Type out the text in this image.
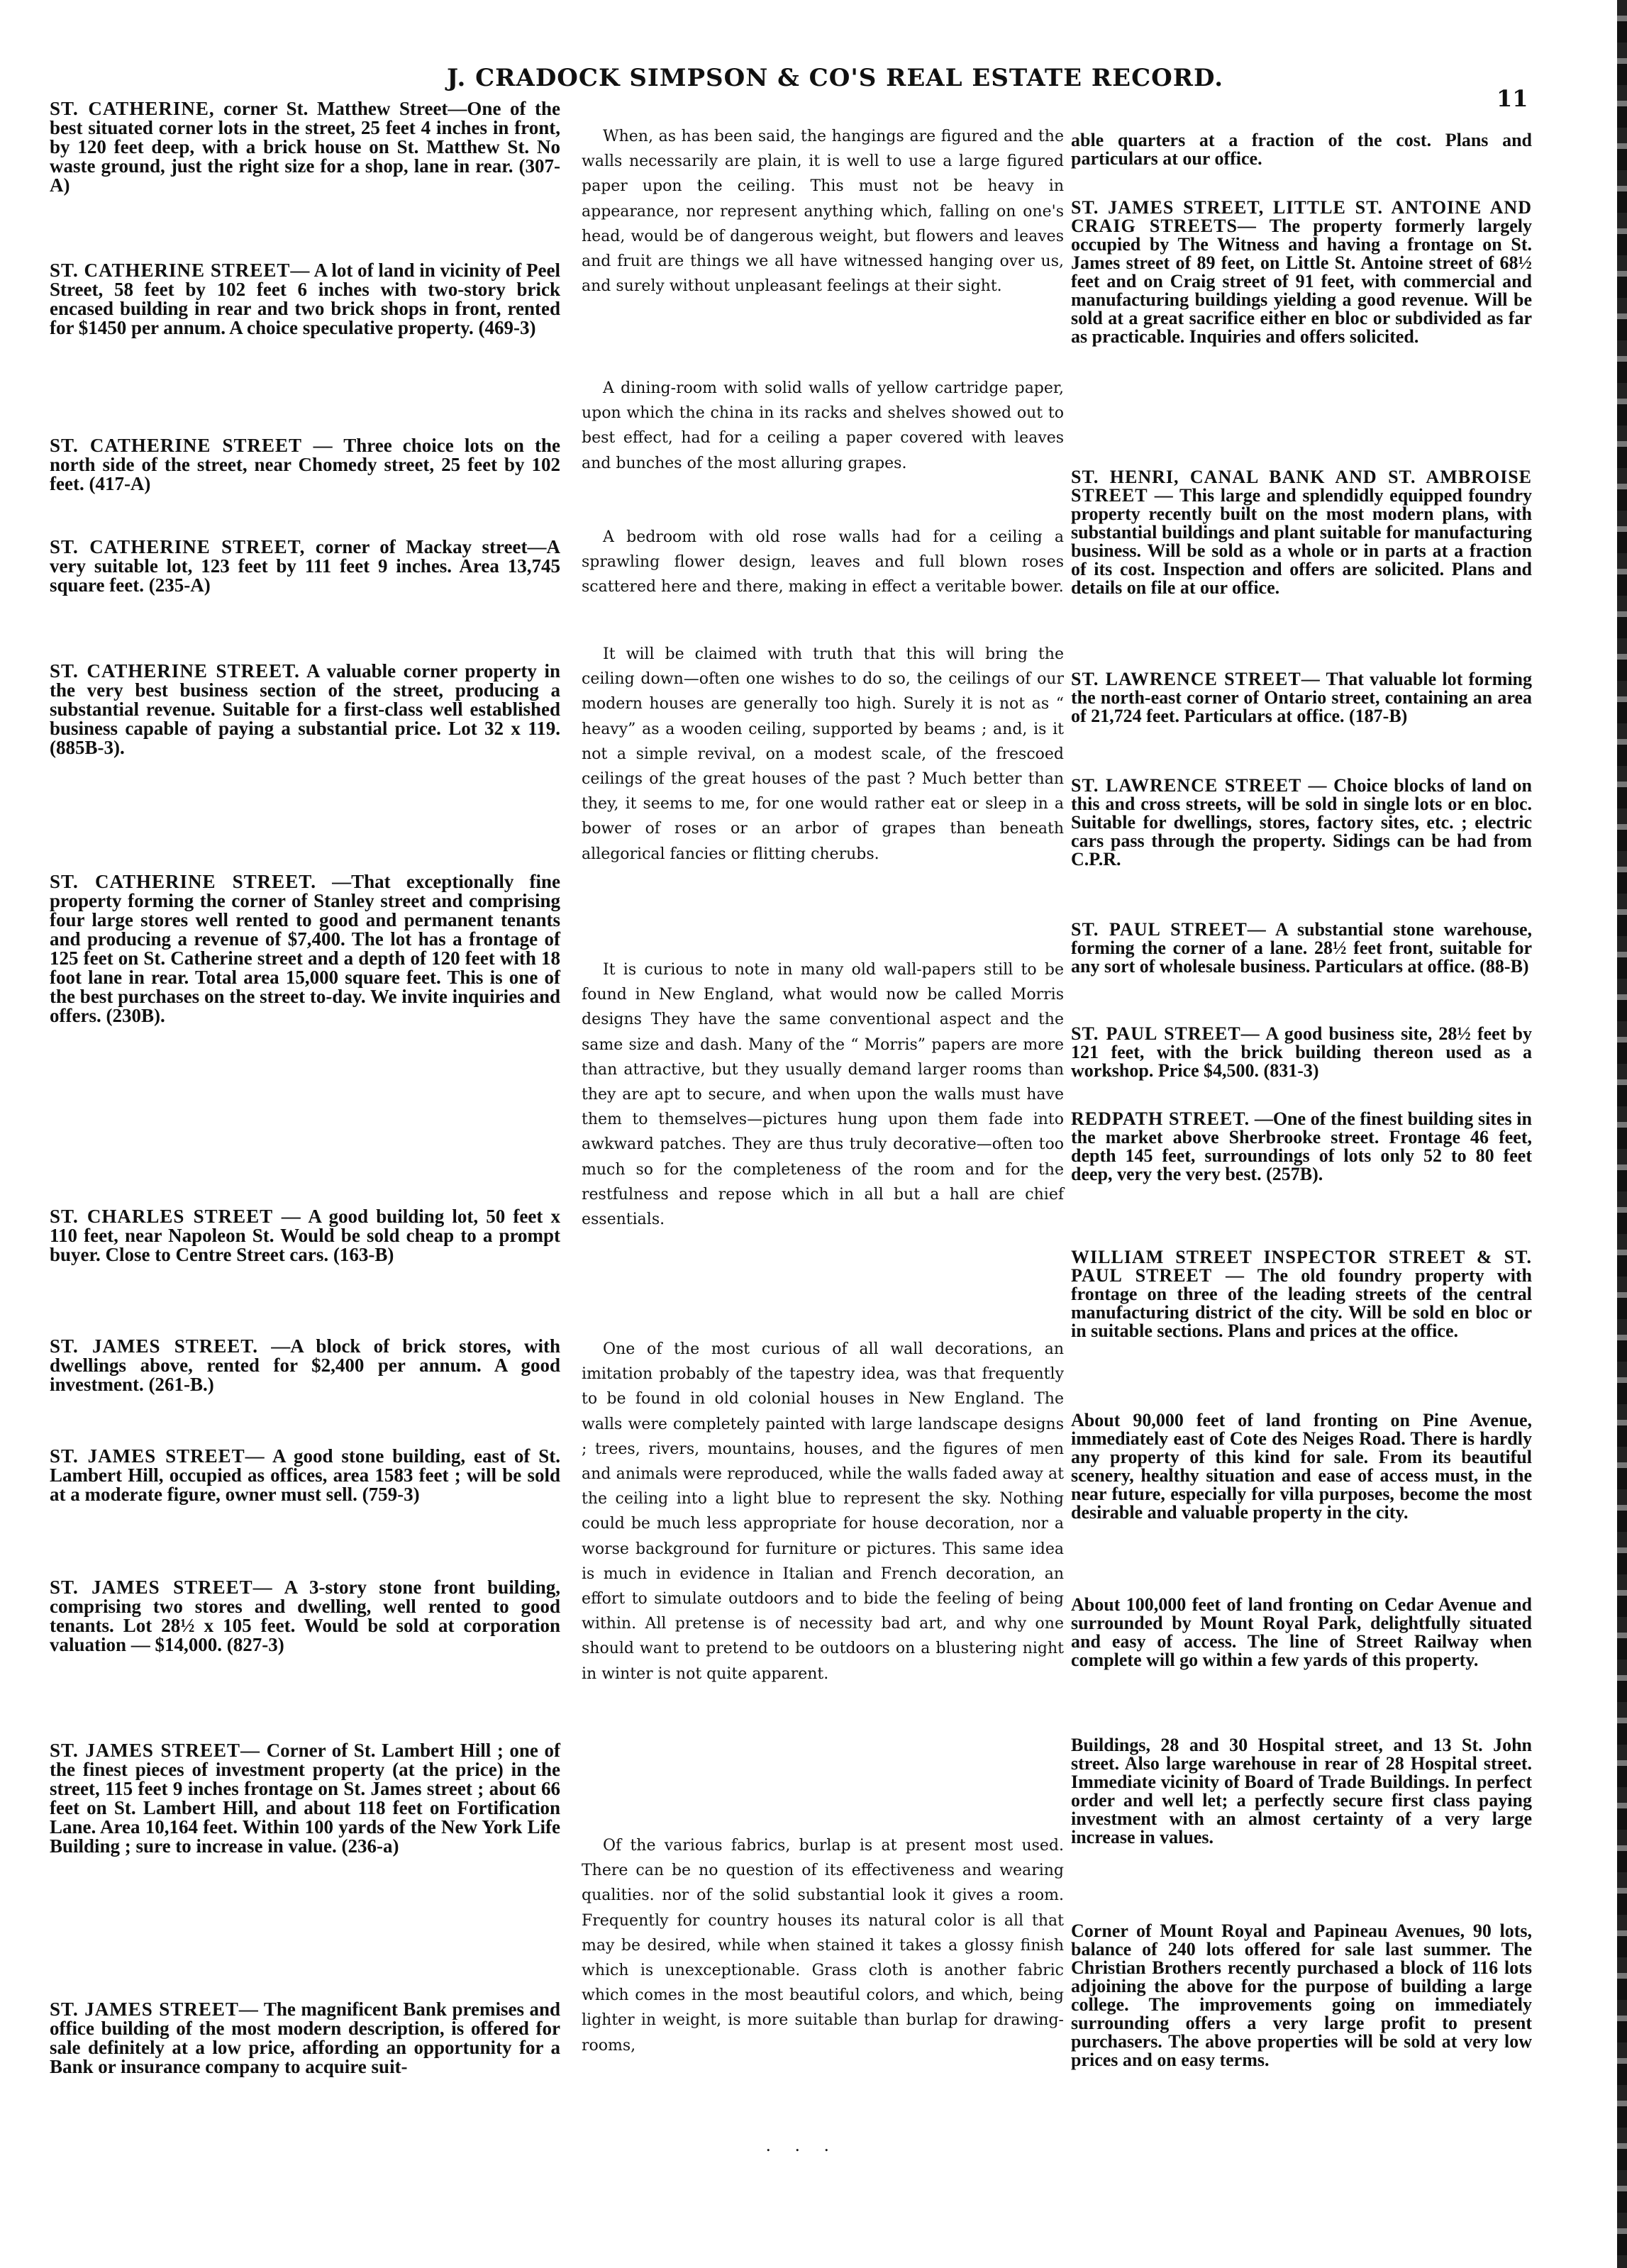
J. CRADOCK SIMPSON & CO'S REAL ESTATE RECORD.
11

ST. CATHERINE, corner St. Matthew Street—One of the best situated corner lots in the street, 25 feet 4 inches in front, by 120 feet deep, with a brick house on St. Matthew St. No waste ground, just the right size for a shop, lane in rear. (307-A)

ST. CATHERINE STREET— A lot of land in vicinity of Peel Street, 58 feet by 102 feet 6 inches with two-story brick encased building in rear and two brick shops in front, rented for $1450 per annum. A choice speculative property. (469-3)

ST. CATHERINE STREET — Three choice lots on the north side of the street, near Chomedy street, 25 feet by 102 feet. (417-A)

ST. CATHERINE STREET, corner of Mackay street—A very suitable lot, 123 feet by 111 feet 9 inches. Area 13,745 square feet. (235-A)

ST. CATHERINE STREET. A valuable corner property in the very best business section of the street, producing a substantial revenue. Suitable for a first-class well established business capable of paying a substantial price. Lot 32 x 119. (885B-3).

ST. CATHERINE STREET. —That exceptionally fine property forming the corner of Stanley street and comprising four large stores well rented to good and permanent tenants and producing a revenue of $7,400. The lot has a frontage of 125 feet on St. Catherine street and a depth of 120 feet with 18 foot lane in rear. Total area 15,000 square feet. This is one of the best purchases on the street to-day. We invite inquiries and offers. (230B).

ST. CHARLES STREET — A good building lot, 50 feet x 110 feet, near Napoleon St. Would be sold cheap to a prompt buyer. Close to Centre Street cars. (163-B)

ST. JAMES STREET. —A block of brick stores, with dwellings above, rented for $2,400 per annum. A good investment. (261-B.)

ST. JAMES STREET— A good stone building, east of St. Lambert Hill, occupied as offices, area 1583 feet ; will be sold at a moderate figure, owner must sell. (759-3)

ST. JAMES STREET— A 3-story stone front building, comprising two stores and dwelling, well rented to good tenants. Lot 28½ x 105 feet. Would be sold at corporation valuation — $14,000. (827-3)

ST. JAMES STREET— Corner of St. Lambert Hill ; one of the finest pieces of investment property (at the price) in the street, 115 feet 9 inches frontage on St. James street ; about 66 feet on St. Lambert Hill, and about 118 feet on Fortification Lane. Area 10,164 feet. Within 100 yards of the New York Life Building ; sure to increase in value. (236-a)

ST. JAMES STREET— The magnificent Bank premises and office building of the most modern description, is offered for sale definitely at a low price, affording an opportunity for a Bank or insurance company to acquire suit-

When, as has been said, the hangings are figured and the walls necessarily are plain, it is well to use a large figured paper upon the ceiling. This must not be heavy in appearance, nor represent anything which, falling on one's head, would be of dangerous weight, but flowers and leaves and fruit are things we all have witnessed hanging over us, and surely without unpleasant feelings at their sight.

A dining-room with solid walls of yellow cartridge paper, upon which the china in its racks and shelves showed out to best effect, had for a ceiling a paper covered with leaves and bunches of the most alluring grapes.

A bedroom with old rose walls had for a ceiling a sprawling flower design, leaves and full blown roses scattered here and there, making in effect a veritable bower.

It will be claimed with truth that this will bring the ceiling down—often one wishes to do so, the ceilings of our modern houses are generally too high. Surely it is not as “ heavy” as a wooden ceiling, supported by beams ; and, is it not a simple revival, on a modest scale, of the frescoed ceilings of the great houses of the past ? Much better than they, it seems to me, for one would rather eat or sleep in a bower of roses or an arbor of grapes than beneath allegorical fancies or flitting cherubs.

It is curious to note in many old wall-papers still to be found in New England, what would now be called Morris designs They have the same conventional aspect and the same size and dash. Many of the “ Morris” papers are more than attractive, but they usually demand larger rooms than they are apt to secure, and when upon the walls must have them to themselves—pictures hung upon them fade into awkward patches. They are thus truly decorative—often too much so for the completeness of the room and for the restfulness and repose which in all but a hall are chief essentials.

One of the most curious of all wall decorations, an imitation probably of the tapestry idea, was that frequently to be found in old colonial houses in New England. The walls were completely painted with large landscape designs ; trees, rivers, mountains, houses, and the figures of men and animals were reproduced, while the walls faded away at the ceiling into a light blue to represent the sky. Nothing could be much less appropriate for house decoration, nor a worse background for furniture or pictures. This same idea is much in evidence in Italian and French decoration, an effort to simulate outdoors and to bide the feeling of being within. All pretense is of necessity bad art, and why one should want to pretend to be outdoors on a blustering night in winter is not quite apparent.

Of the various fabrics, burlap is at present most used. There can be no question of its effectiveness and wearing qualities. nor of the solid substantial look it gives a room. Frequently for country houses its natural color is all that may be desired, while when stained it takes a glossy finish which is unexceptionable. Grass cloth is another fabric which comes in the most beautiful colors, and which, being lighter in weight, is more suitable than burlap for drawing-rooms,

. . .

able quarters at a fraction of the cost. Plans and particulars at our office.

ST. JAMES STREET, LITTLE ST. ANTOINE AND CRAIG STREETS— The property formerly largely occupied by The Witness and having a frontage on St. James street of 89 feet, on Little St. Antoine street of 68½ feet and on Craig street of 91 feet, with commercial and manufacturing buildings yielding a good revenue. Will be sold at a great sacrifice either en bloc or subdivided as far as practicable. Inquiries and offers solicited.

ST. HENRI, CANAL BANK AND ST. AMBROISE STREET — This large and splendidly equipped foundry property recently built on the most modern plans, with substantial buildings and plant suitable for manufacturing business. Will be sold as a whole or in parts at a fraction of its cost. Inspection and offers are solicited. Plans and details on file at our office.

ST. LAWRENCE STREET— That valuable lot forming the north-east corner of Ontario street, containing an area of 21,724 feet. Particulars at office. (187-B)

ST. LAWRENCE STREET — Choice blocks of land on this and cross streets, will be sold in single lots or en bloc. Suitable for dwellings, stores, factory sites, etc. ; electric cars pass through the property. Sidings can be had from C.P.R.

ST. PAUL STREET— A substantial stone warehouse, forming the corner of a lane. 28½ feet front, suitable for any sort of wholesale business. Particulars at office. (88-B)

ST. PAUL STREET— A good business site, 28½ feet by 121 feet, with the brick building thereon used as a workshop. Price $4,500. (831-3)

REDPATH STREET. —One of the finest building sites in the market above Sherbrooke street. Frontage 46 feet, depth 145 feet, surroundings of lots only 52 to 80 feet deep, very the very best. (257B).

WILLIAM STREET INSPECTOR STREET & ST. PAUL STREET — The old foundry property with frontage on three of the leading streets of the central manufacturing district of the city. Will be sold en bloc or in suitable sections. Plans and prices at the office.

About 90,000 feet of land fronting on Pine Avenue, immediately east of Cote des Neiges Road. There is hardly any property of this kind for sale. From its beautiful scenery, healthy situation and ease of access must, in the near future, especially for villa purposes, become the most desirable and valuable property in the city.

About 100,000 feet of land fronting on Cedar Avenue and surrounded by Mount Royal Park, delightfully situated and easy of access. The line of Street Railway when complete will go within a few yards of this property.

Buildings, 28 and 30 Hospital street, and 13 St. John street. Also large warehouse in rear of 28 Hospital street. Immediate vicinity of Board of Trade Buildings. In perfect order and well let; a perfectly secure first class paying investment with an almost certainty of a very large increase in values.

Corner of Mount Royal and Papineau Avenues, 90 lots, balance of 240 lots offered for sale last summer. The Christian Brothers recently purchased a block of 116 lots adjoining the above for the purpose of building a large college. The improvements going on immediately surrounding offers a very large profit to present purchasers. The above properties will be sold at very low prices and on easy terms.
